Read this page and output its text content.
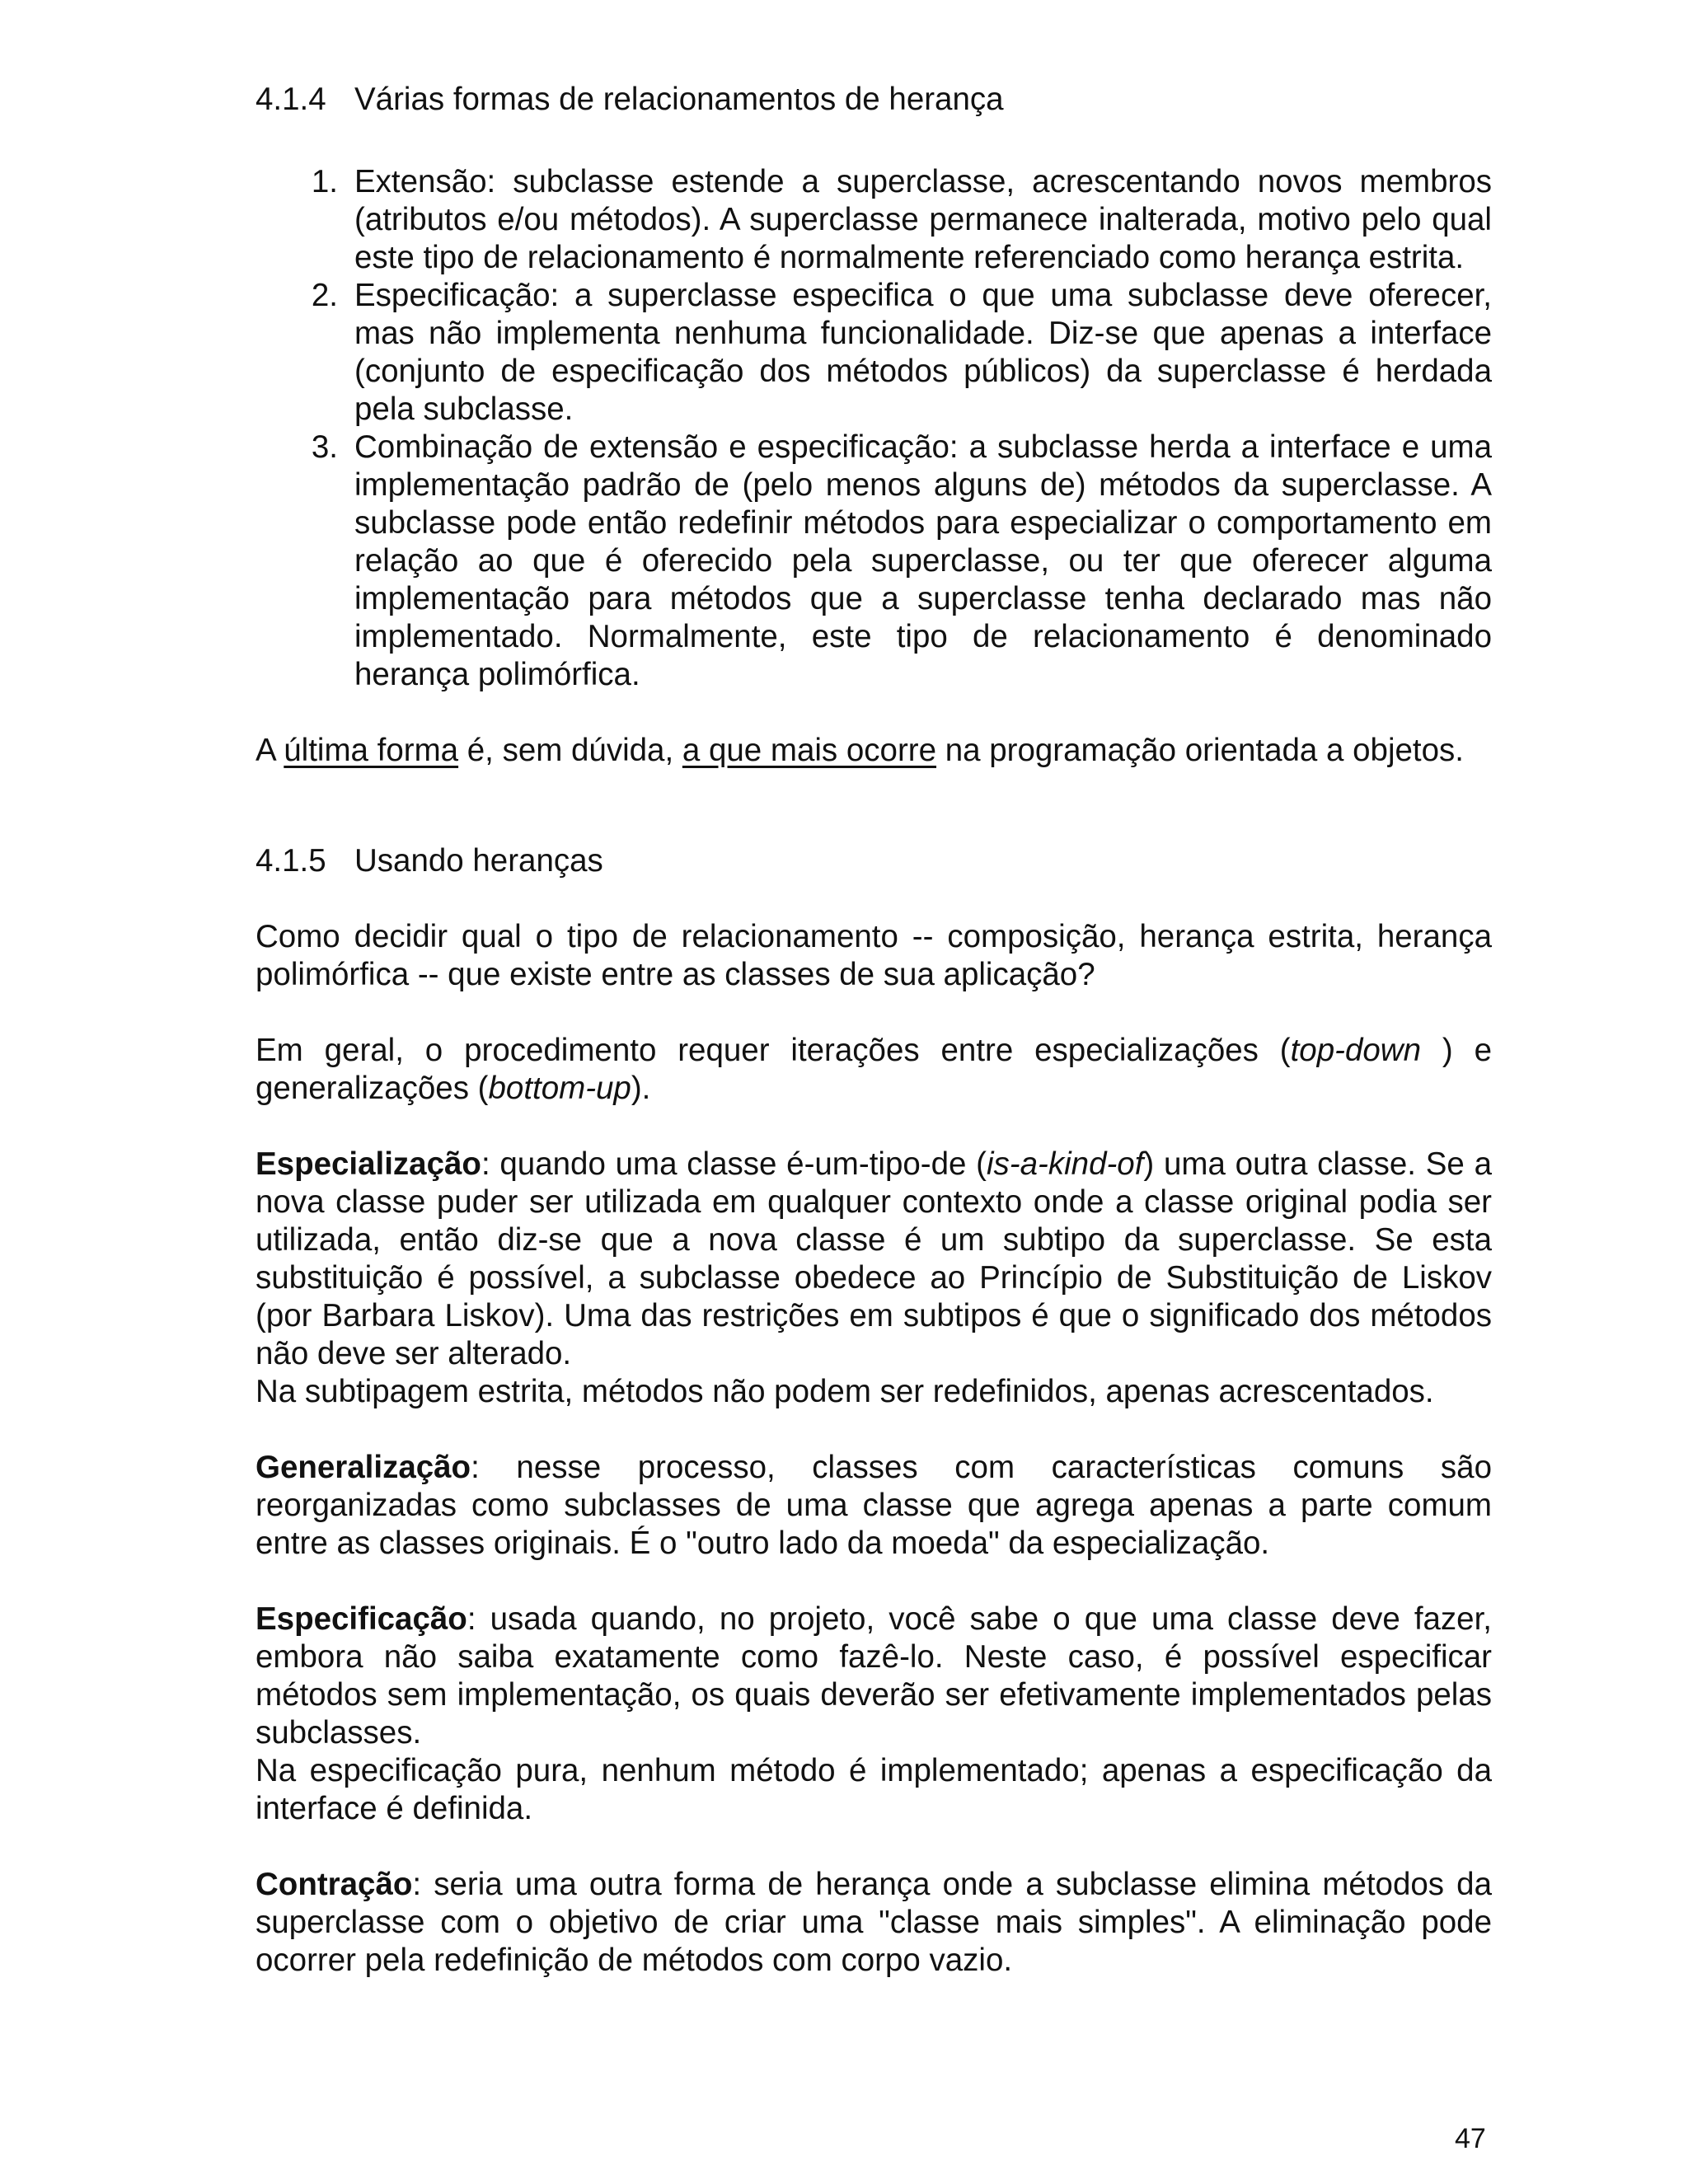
4.1.4 Várias formas de relacionamentos de herança
1. Extensão: subclasse estende a superclasse, acrescentando novos membros (atributos e/ou métodos). A superclasse permanece inalterada, motivo pelo qual este tipo de relacionamento é normalmente referenciado como herança estrita.
2. Especificação: a superclasse especifica o que uma subclasse deve oferecer, mas não implementa nenhuma funcionalidade. Diz-se que apenas a interface (conjunto de especificação dos métodos públicos) da superclasse é herdada pela subclasse.
3. Combinação de extensão e especificação: a subclasse herda a interface e uma implementação padrão de (pelo menos alguns de) métodos da superclasse. A subclasse pode então redefinir métodos para especializar o comportamento em relação ao que é oferecido pela superclasse, ou ter que oferecer alguma implementação para métodos que a superclasse tenha declarado mas não implementado. Normalmente, este tipo de relacionamento é denominado herança polimórfica.

A última forma é, sem dúvida, a que mais ocorre na programação orientada a objetos.

4.1.5 Usando heranças

Como decidir qual o tipo de relacionamento -- composição, herança estrita, herança polimórfica -- que existe entre as classes de sua aplicação?

Em geral, o procedimento requer iterações entre especializações (top-down ) e generalizações (bottom-up).

Especialização: quando uma classe é-um-tipo-de (is-a-kind-of) uma outra classe. Se a nova classe puder ser utilizada em qualquer contexto onde a classe original podia ser utilizada, então diz-se que a nova classe é um subtipo da superclasse. Se esta substituição é possível, a subclasse obedece ao Princípio de Substituição de Liskov (por Barbara Liskov). Uma das restrições em subtipos é que o significado dos métodos não deve ser alterado.

Na subtipagem estrita, métodos não podem ser redefinidos, apenas acrescentados.

Generalização: nesse processo, classes com características comuns são reorganizadas como subclasses de uma classe que agrega apenas a parte comum entre as classes originais. É o "outro lado da moeda" da especialização.

Especificação: usada quando, no projeto, você sabe o que uma classe deve fazer, embora não saiba exatamente como fazê-lo. Neste caso, é possível especificar métodos sem implementação, os quais deverão ser efetivamente implementados pelas subclasses.

Na especificação pura, nenhum método é implementado; apenas a especificação da interface é definida.

Contração: seria uma outra forma de herança onde a subclasse elimina métodos da superclasse com o objetivo de criar uma "classe mais simples". A eliminação pode ocorrer pela redefinição de métodos com corpo vazio.

47
